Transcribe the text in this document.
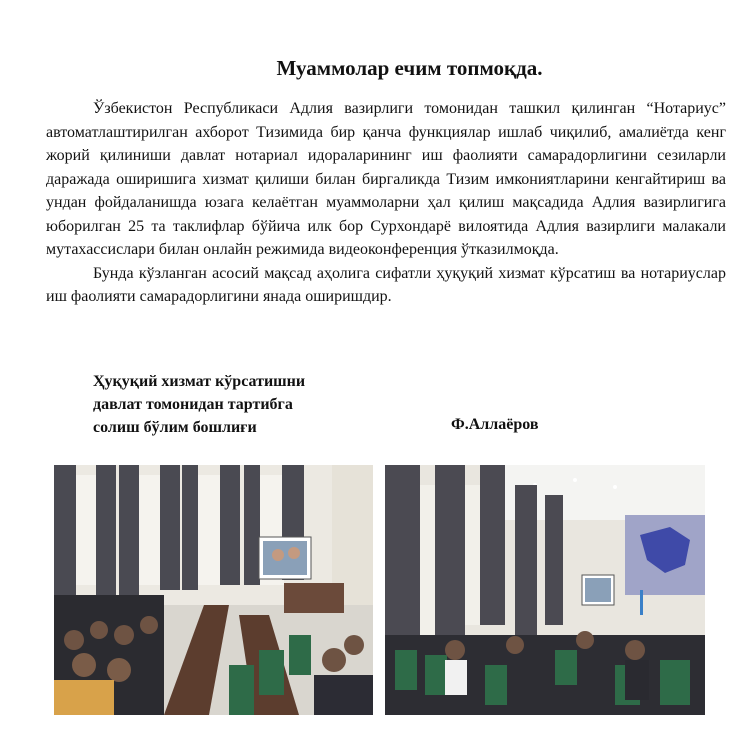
Муаммолар ечим топмоқда.

Ўзбекистон Республикаси Адлия вазирлиги томонидан ташкил қилинган “Нотариус” автоматлаштирилган ахборот Тизимида бир қанча функциялар ишлаб чиқилиб, амалиётда кенг жорий қилиниши давлат нотариал идораларининг иш фаолияти самарадорлигини сезиларли даражада оширишига хизмат қилиши билан биргаликда Тизим имкониятларини кенгайтириш ва ундан фойдаланишда юзага келаётган муаммоларни ҳал қилиш мақсадида Адлия вазирлигига юборилган 25 та таклифлар бўйича илк бор Сурхондарё вилоятида Адлия вазирлиги малакали мутахассислари билан онлайн режимида видеоконференция ўтказилмоқда.

Бунда кўзланган асосий мақсад аҳолига сифатли ҳуқуқий хизмат кўрсатиш ва нотариуслар иш фаолияти самарадорлигини янада оширишдир.

Ҳуқуқий хизмат кўрсатишни
давлат томонидан тартибга
солиш бўлим бошлиғи	Ф.Аллаёров
